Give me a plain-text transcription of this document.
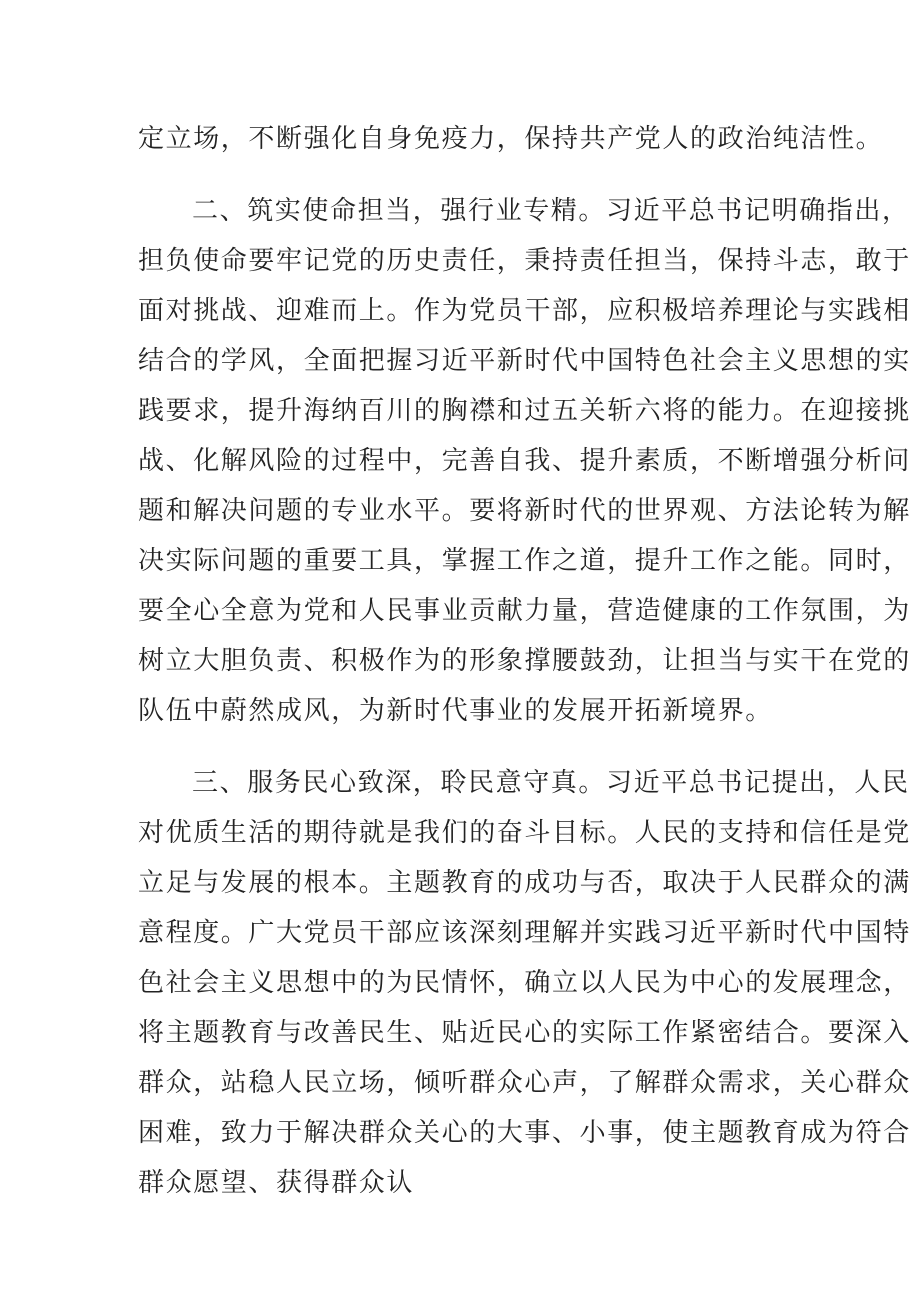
定立场，不断强化自身免疫力，保持共产党人的政治纯洁性。
二、筑实使命担当，强行业专精。习近平总书记明确指出，
担负使命要牢记党的历史责任，秉持责任担当，保持斗志，敢于
面对挑战、迎难而上。作为党员干部，应积极培养理论与实践相
结合的学风，全面把握习近平新时代中国特色社会主义思想的实
践要求，提升海纳百川的胸襟和过五关斩六将的能力。在迎接挑
战、化解风险的过程中，完善自我、提升素质，不断增强分析问
题和解决问题的专业水平。要将新时代的世界观、方法论转为解
决实际问题的重要工具，掌握工作之道，提升工作之能。同时，
要全心全意为党和人民事业贡献力量，营造健康的工作氛围，为
树立大胆负责、积极作为的形象撑腰鼓劲，让担当与实干在党的
队伍中蔚然成风，为新时代事业的发展开拓新境界。
三、服务民心致深，聆民意守真。习近平总书记提出，人民
对优质生活的期待就是我们的奋斗目标。人民的支持和信任是党
立足与发展的根本。主题教育的成功与否，取决于人民群众的满
意程度。广大党员干部应该深刻理解并实践习近平新时代中国特
色社会主义思想中的为民情怀，确立以人民为中心的发展理念，
将主题教育与改善民生、贴近民心的实际工作紧密结合。要深入
群众，站稳人民立场，倾听群众心声，了解群众需求，关心群众
困难，致力于解决群众关心的大事、小事，使主题教育成为符合
群众愿望、获得群众认
